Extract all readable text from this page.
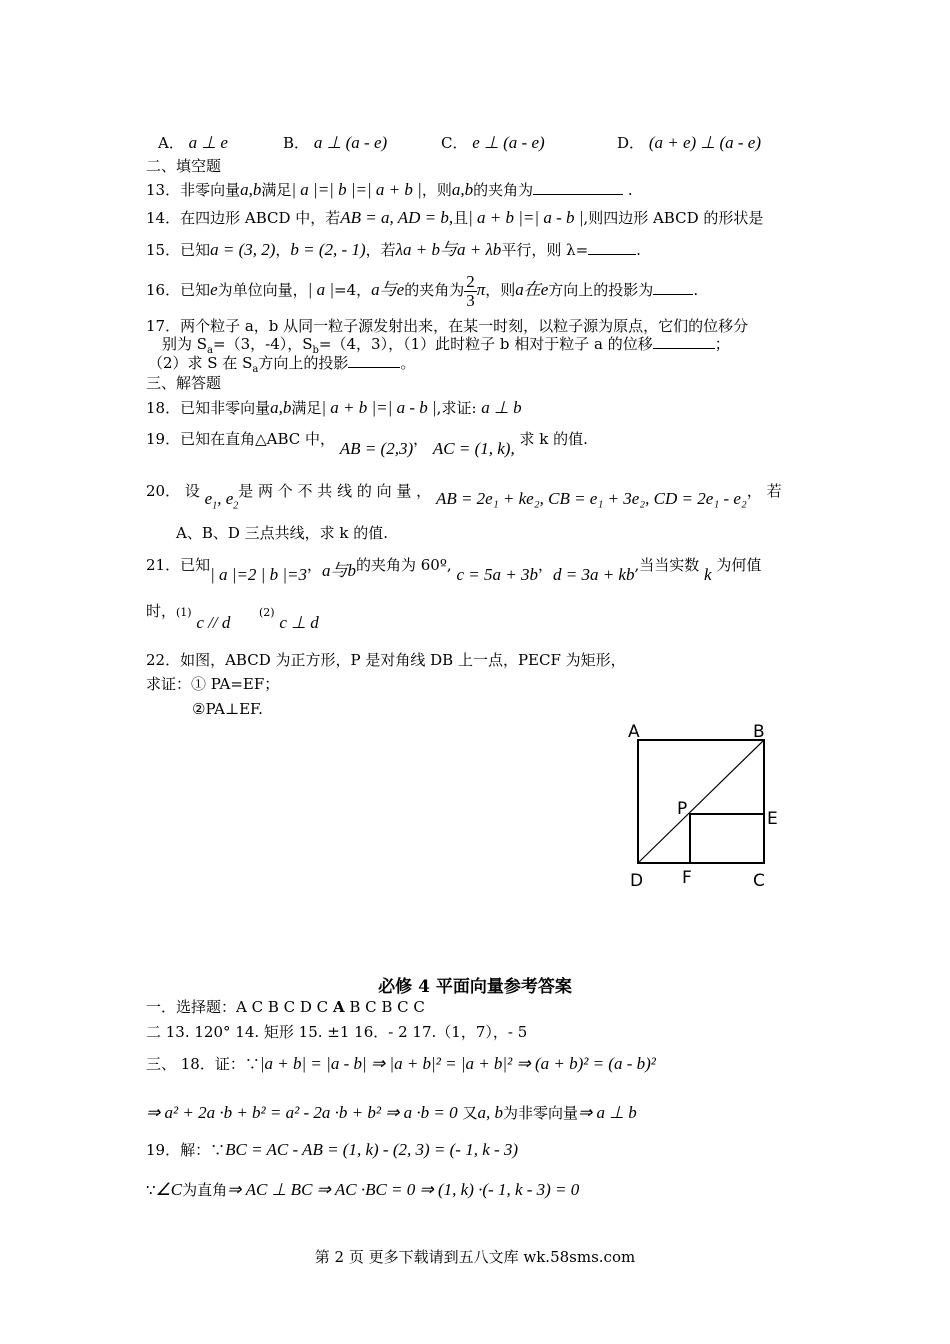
A． a ⊥ e	B． a ⊥ (a - e)	C． e ⊥ (a - e)	D． (a + e) ⊥ (a - e)
二、填空题
13．非零向量a,b满足| a |=| b |=| a + b |，则a,b的夹角为	.
14．在四边形 ABCD 中，若AB = a, AD = b,且| a + b |=| a - b |,则四边形 ABCD 的形状是
15．已知a = (3, 2)，b = (2, - 1)，若λa + b与a + λb平行，则 λ=	.
16．已知e为单位向量，| a |=4，a与e的夹角为 $\frac{2}{3}$ π，则a在e方向上的投影为	.
17．两个粒子 a，b 从同一粒子源发射出来，在某一时刻，以粒子源为原点，它们的位移分
别为 $S_a=(3$，-4），$S_b=(4$，3），（1）此时粒子 b 相对于粒子 a 的位移	；
（2）求 S 在 $S_a$方向上的投影	。
三、解答题
18．已知非零向量a,b满足| a + b |=| a - b |,求证: a ⊥ b
19．已知在直角△ABC 中， AB = (2,3)， AC = (1, k), 求 k 的值.
20． 设 $e_1$, $e_2$是 两 个 不 共 线 的 向 量 ， AB = 2e₁ + ke₂, CB = e₁ + 3e₂, CD = 2e₁ - e₂， 若
A、B、D 三点共线，求 k 的值.
21．已知| a |=2 | b |=3，a与b的夹角为 60º, c = 5a + 3b，d = 3a + kb,当当实数 k 为何值
时，(1) c // d      (2) c ⊥ d
22．如图，ABCD 为正方形，P 是对角线 DB 上一点，PECF 为矩形，
求证：① PA=EF；
②PA⊥EF.
A	B
C
D
P	E
F
必修 4 平面向量参考答案
一．选择题：A C B C D C A B C B C C
二 13. 120° 14. 矩形 15. ±1 16．- 2 17.（1，7），- 5
三、 18．证：∵|a + b| = |a - b| ⇒ |a + b|² = |a + b|² ⇒ (a + b)² = (a - b)²
⇒ a² + 2a ·b + b² = a² - 2a ·b + b² ⇒ a ·b = 0 又a, b为非零向量⇒ a ⊥ b
19．解：∵BC = AC - AB = (1, k) - (2, 3) = (- 1, k - 3)
∵∠C为直角⇒ AC ⊥ BC ⇒ AC ·BC = 0 ⇒ (1, k) ·(- 1, k - 3) = 0
第 2 页 更多下载请到五八文库 wk.58sms.com
